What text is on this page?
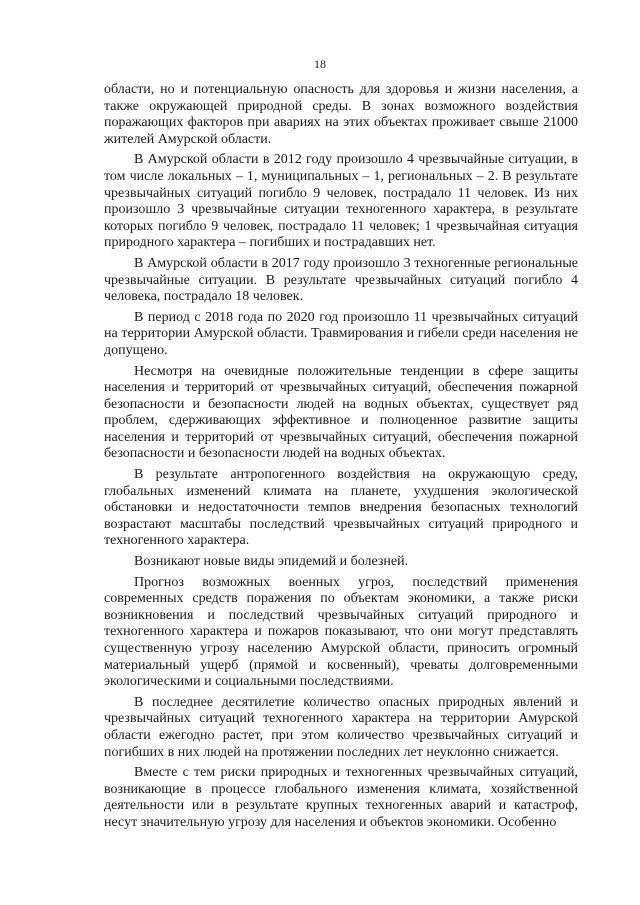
18

области, но и потенциальную опасность для здоровья и жизни населения, а также окружающей природной среды. В зонах возможного воздействия поражающих факторов при авариях на этих объектах проживает свыше 21000 жителей Амурской области.

В Амурской области в 2012 году произошло 4 чрезвычайные ситуации, в том числе локальных – 1, муниципальных – 1, региональных – 2. В результате чрезвычайных ситуаций погибло 9 человек, пострадало 11 человек. Из них произошло 3 чрезвычайные ситуации техногенного характера, в результате которых погибло 9 человек, пострадало 11 человек; 1 чрезвычайная ситуация природного характера – погибших и пострадавших нет.

В Амурской области в 2017 году произошло 3 техногенные региональные чрезвычайные ситуации. В результате чрезвычайных ситуаций погибло 4 человека, пострадало 18 человек.

В период с 2018 года по 2020 год произошло 11 чрезвычайных ситуаций на территории Амурской области. Травмирования и гибели среди населения не допущено.

Несмотря на очевидные положительные тенденции в сфере защиты населения и территорий от чрезвычайных ситуаций, обеспечения пожарной безопасности и безопасности людей на водных объектах, существует ряд проблем, сдерживающих эффективное и полноценное развитие защиты населения и территорий от чрезвычайных ситуаций, обеспечения пожарной безопасности и безопасности людей на водных объектах.

В результате антропогенного воздействия на окружающую среду, глобальных изменений климата на планете, ухудшения экологической обстановки и недостаточности темпов внедрения безопасных технологий возрастают масштабы последствий чрезвычайных ситуаций природного и техногенного характера.

Возникают новые виды эпидемий и болезней.

Прогноз возможных военных угроз, последствий применения современных средств поражения по объектам экономики, а также риски возникновения и последствий чрезвычайных ситуаций природного и техногенного характера и пожаров показывают, что они могут представлять существенную угрозу населению Амурской области, приносить огромный материальный ущерб (прямой и косвенный), чреваты долговременными экологическими и социальными последствиями.

В последнее десятилетие количество опасных природных явлений и чрезвычайных ситуаций техногенного характера на территории Амурской области ежегодно растет, при этом количество чрезвычайных ситуаций и погибших в них людей на протяжении последних лет неуклонно снижается.

Вместе с тем риски природных и техногенных чрезвычайных ситуаций, возникающие в процессе глобального изменения климата, хозяйственной деятельности или в результате крупных техногенных аварий и катастроф, несут значительную угрозу для населения и объектов экономики. Особенно
